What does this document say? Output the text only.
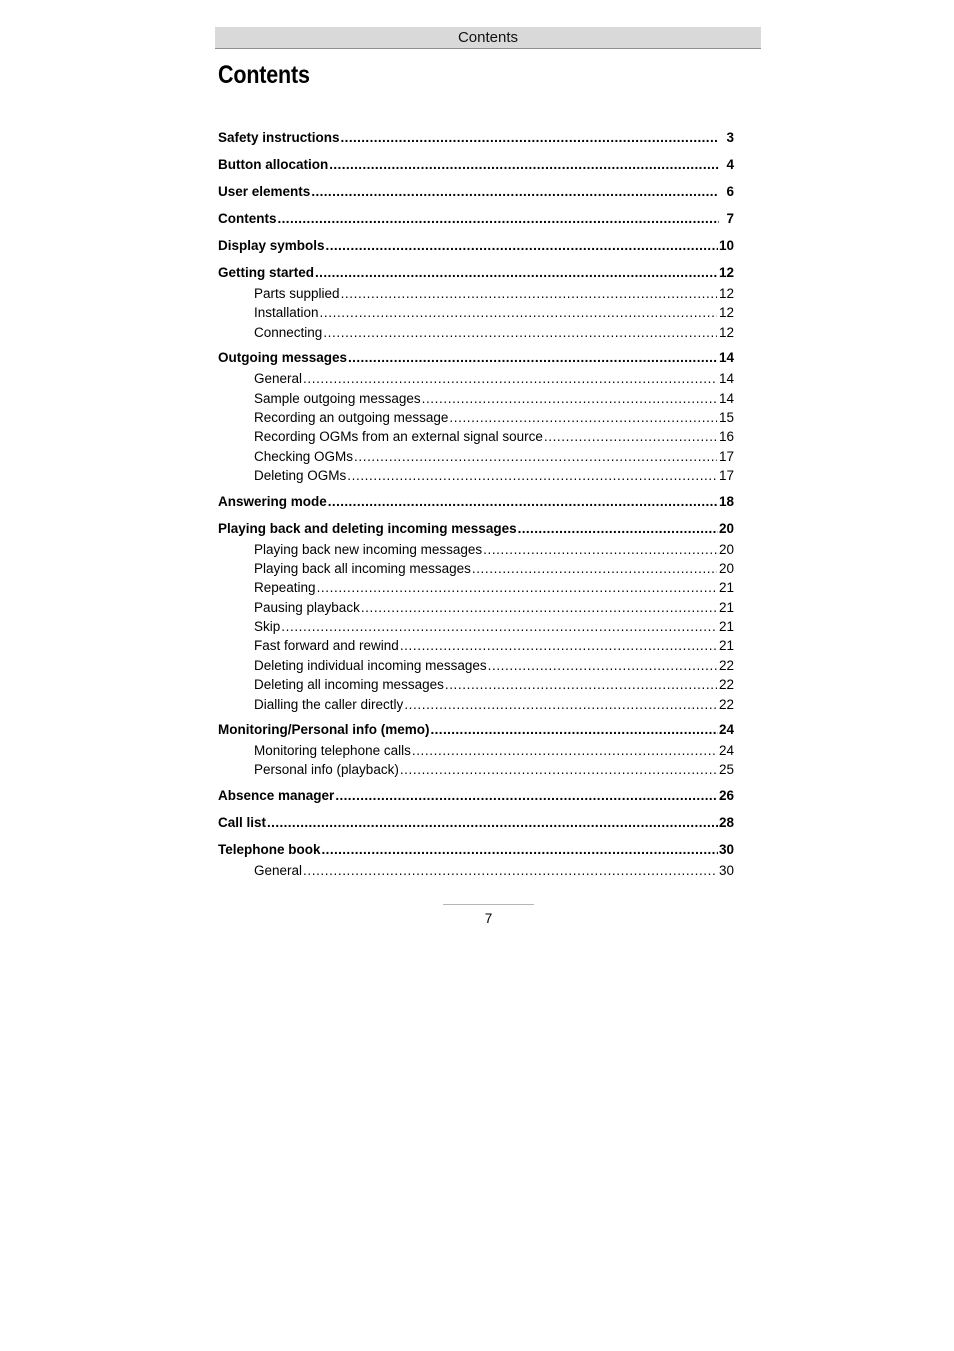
Contents
Contents
Safety instructions .....	3
Button allocation .....	4
User elements .....	6
Contents .....	7
Display symbols .....	10
Getting started .....	12
Parts supplied .....	12
Installation .....	12
Connecting .....	12
Outgoing messages .....	14
General .....	14
Sample outgoing messages .....	14
Recording an outgoing message .....	15
Recording OGMs from an external signal source .....	16
Checking OGMs .....	17
Deleting OGMs .....	17
Answering mode .....	18
Playing back and deleting incoming messages .....	20
Playing back new incoming messages .....	20
Playing back all incoming messages .....	20
Repeating .....	21
Pausing playback .....	21
Skip .....	21
Fast forward and rewind .....	21
Deleting individual incoming messages .....	22
Deleting all incoming messages .....	22
Dialling the caller directly .....	22
Monitoring/Personal info (memo) .....	24
Monitoring telephone calls .....	24
Personal info (playback) .....	25
Absence manager .....	26
Call list .....	28
Telephone book .....	30
General .....	30
7
